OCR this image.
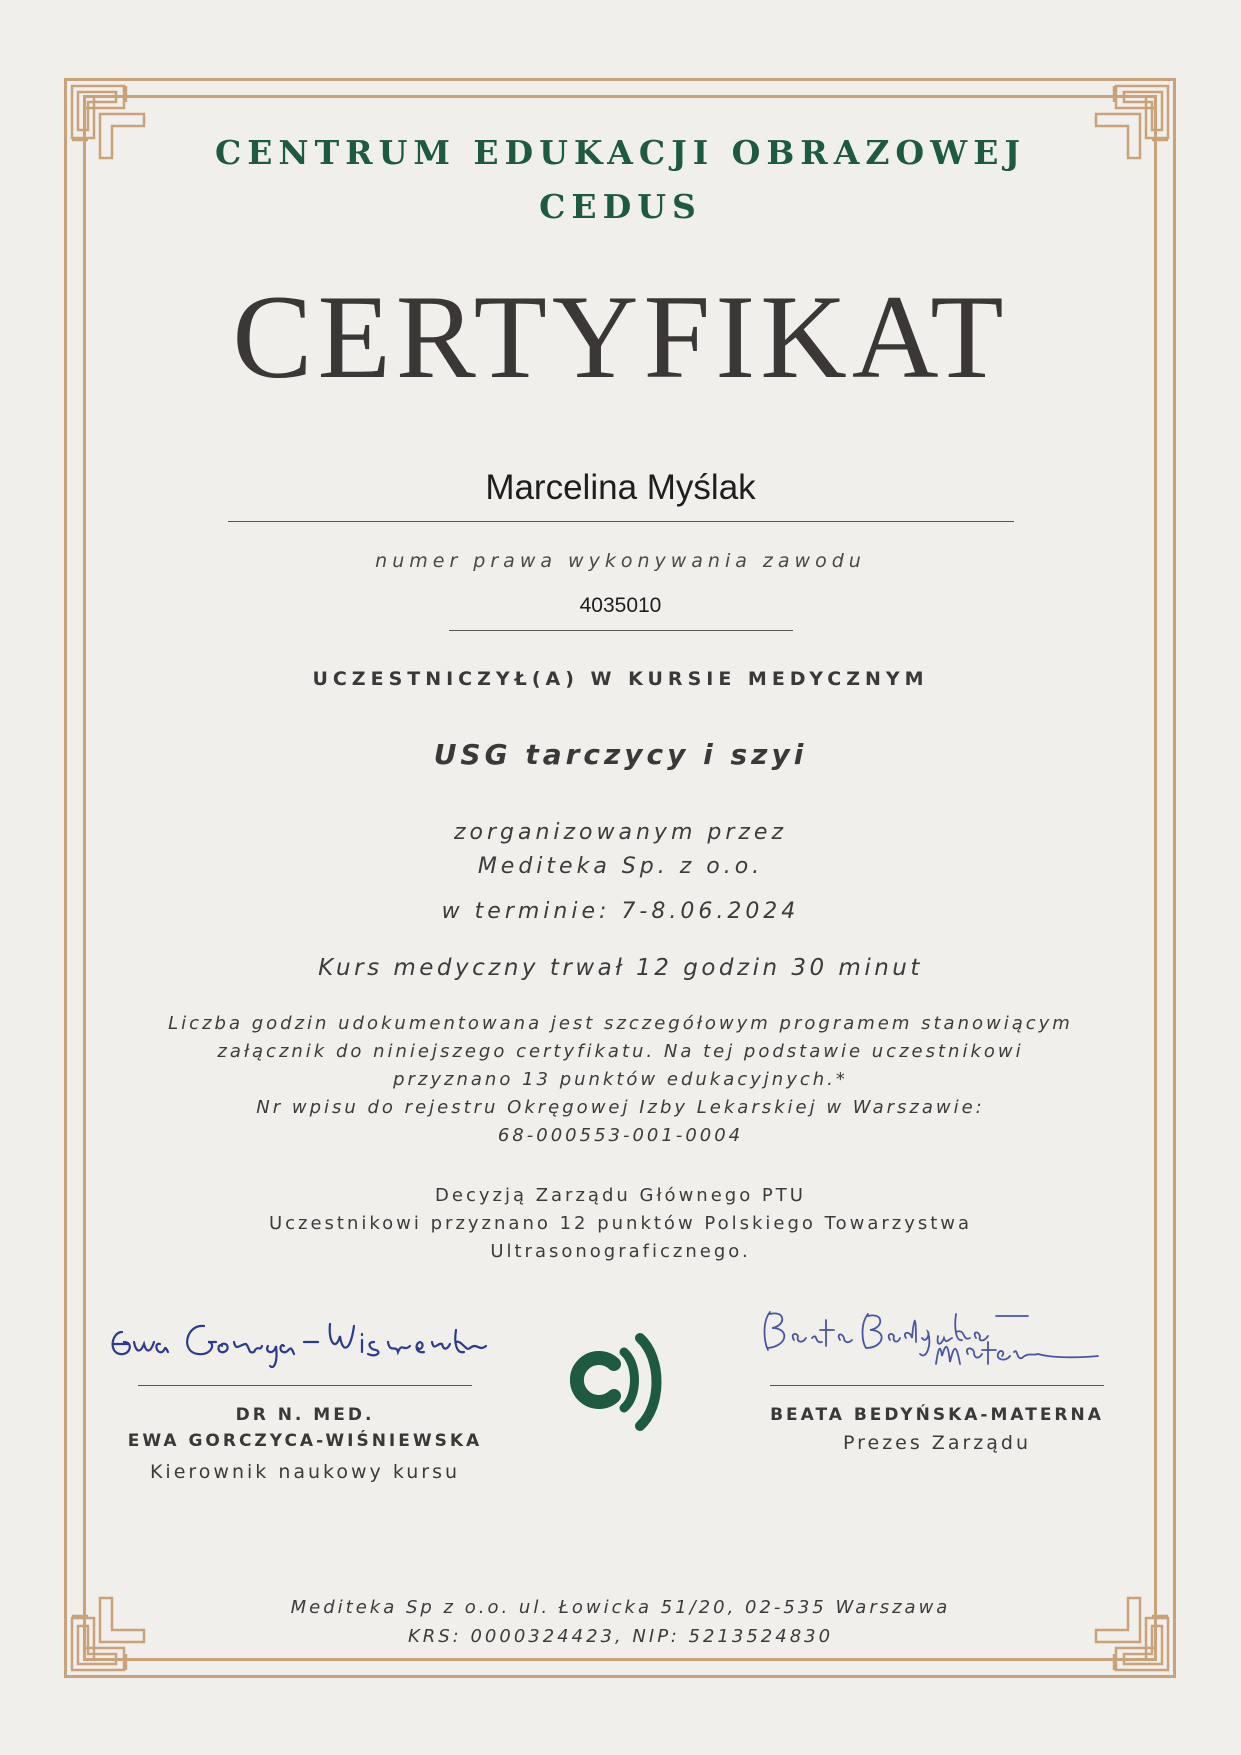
CENTRUM EDUKACJI OBRAZOWEJ
CEDUS
CERTYFIKAT
Marcelina Myślak
numer prawa wykonywania zawodu
4035010
UCZESTNICZYŁ(A) W KURSIE MEDYCZNYM
USG tarczycy i szyi
zorganizowanym przez
Mediteka Sp. z o.o.
w terminie: 7-8.06.2024
Kurs medyczny trwał 12 godzin 30 minut
Liczba godzin udokumentowana jest szczegółowym programem stanowiącym
załącznik do niniejszego certyfikatu. Na tej podstawie uczestnikowi
przyznano 13 punktów edukacyjnych.*
Nr wpisu do rejestru Okręgowej Izby Lekarskiej w Warszawie:
68-000553-001-0004
Decyzją Zarządu Głównego PTU
Uczestnikowi przyznano 12 punktów Polskiego Towarzystwa
Ultrasonograficznego.
DR N. MED.
EWA GORCZYCA-WIŚNIEWSKA
Kierownik naukowy kursu
BEATA BEDYŃSKA-MATERNA
Prezes Zarządu
Mediteka Sp z o.o. ul. Łowicka 51/20, 02-535 Warszawa
KRS: 0000324423, NIP: 5213524830
